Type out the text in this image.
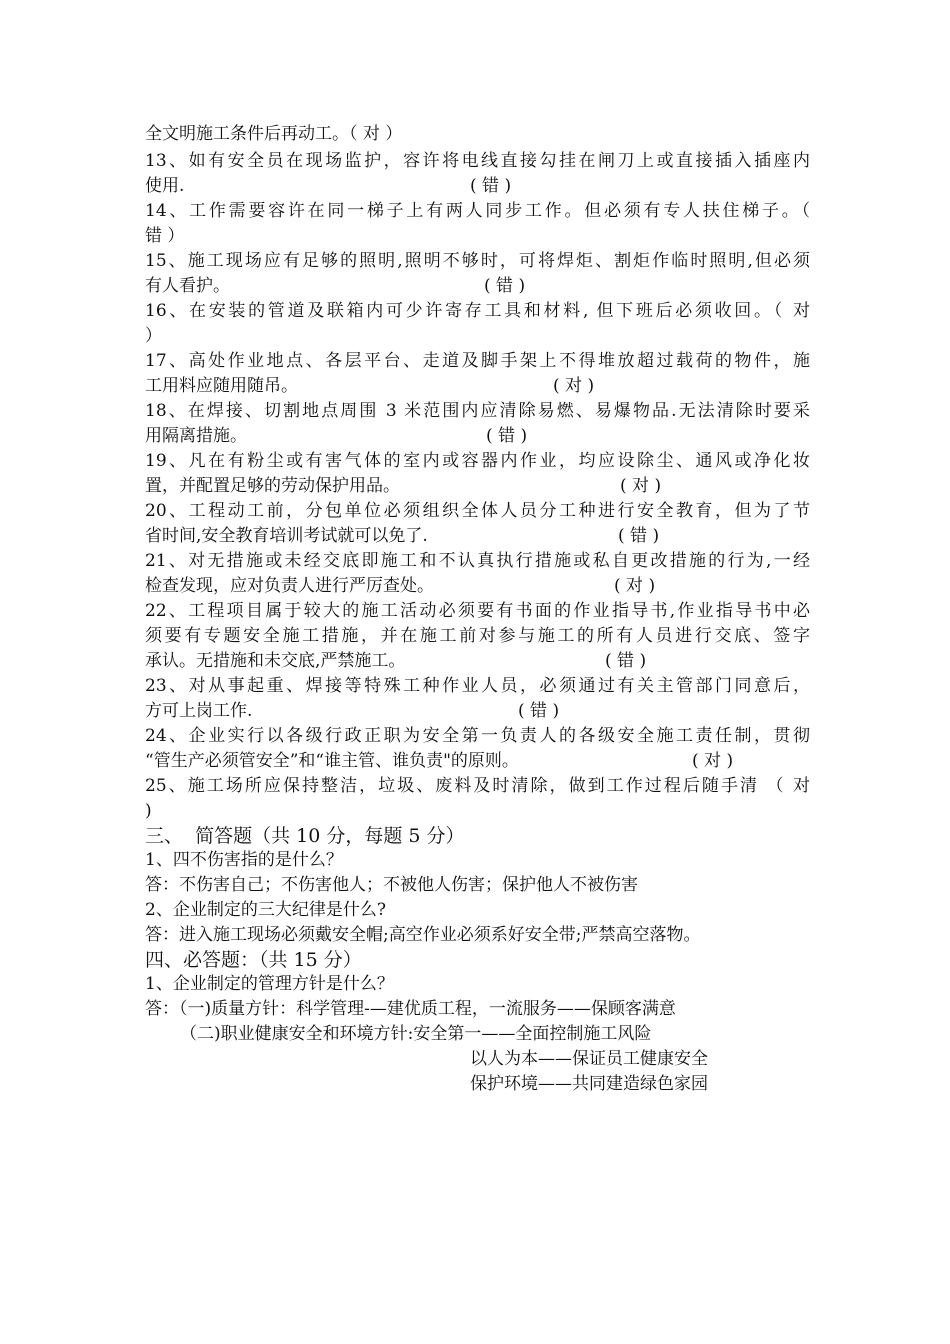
全文明施工条件后再动工。（ 对 ）
13、如有安全员在现场监护，容许将电线直接勾挂在闸刀上或直接插入插座内
使用.	( 错 )
14、工作需要容许在同一梯子上有两人同步工作。但必须有专人扶住梯子。（
错 ）
15、施工现场应有足够的照明,照明不够时，可将焊炬、割炬作临时照明,但必须
有人看护。	( 错 )
16、在安装的管道及联箱内可少许寄存工具和材料, 但下班后必须收回。（ 对
）
17、高处作业地点、各层平台、走道及脚手架上不得堆放超过载荷的物件，施
工用料应随用随吊。	( 对 )
18、在焊接、切割地点周围 3 米范围内应清除易燃、易爆物品.无法清除时要采
用隔离措施。	( 错 )
19、凡在有粉尘或有害气体的室内或容器内作业，均应设除尘、通风或净化妆
置，并配置足够的劳动保护用品。	( 对 )
20、工程动工前，分包单位必须组织全体人员分工种进行安全教育，但为了节
省时间,安全教育培训考试就可以免了.	( 错 )
21、对无措施或未经交底即施工和不认真执行措施或私自更改措施的行为,一经
检查发现，应对负责人进行严厉查处。	( 对 )
22、工程项目属于较大的施工活动必须要有书面的作业指导书,作业指导书中必
须要有专题安全施工措施，并在施工前对参与施工的所有人员进行交底、签字
承认。无措施和未交底,严禁施工。	( 错 )
23、对从事起重、焊接等特殊工种作业人员，必须通过有关主管部门同意后，
方可上岗工作.	( 错 )
24、企业实行以各级行政正职为安全第一负责人的各级安全施工责任制，贯彻
“管生产必须管安全”和“谁主管、谁负责"的原则。	( 对 )
25、施工场所应保持整洁，垃圾、废料及时清除，做到工作过程后随手清 （ 对
)
三、  简答题（共 10 分，每题 5 分）
1、四不伤害指的是什么？
答：不伤害自己；不伤害他人；不被他人伤害；保护他人不被伤害
2、企业制定的三大纪律是什么?
答：进入施工现场必须戴安全帽;高空作业必须系好安全带;严禁高空落物。
四、必答题：（共 15 分）
1、企业制定的管理方针是什么？
答：（一)质量方针：科学管理-—建优质工程，一流服务——保顾客满意
（二)职业健康安全和环境方针:安全第一——全面控制施工风险
以人为本——保证员工健康安全
保护环境——共同建造绿色家园
